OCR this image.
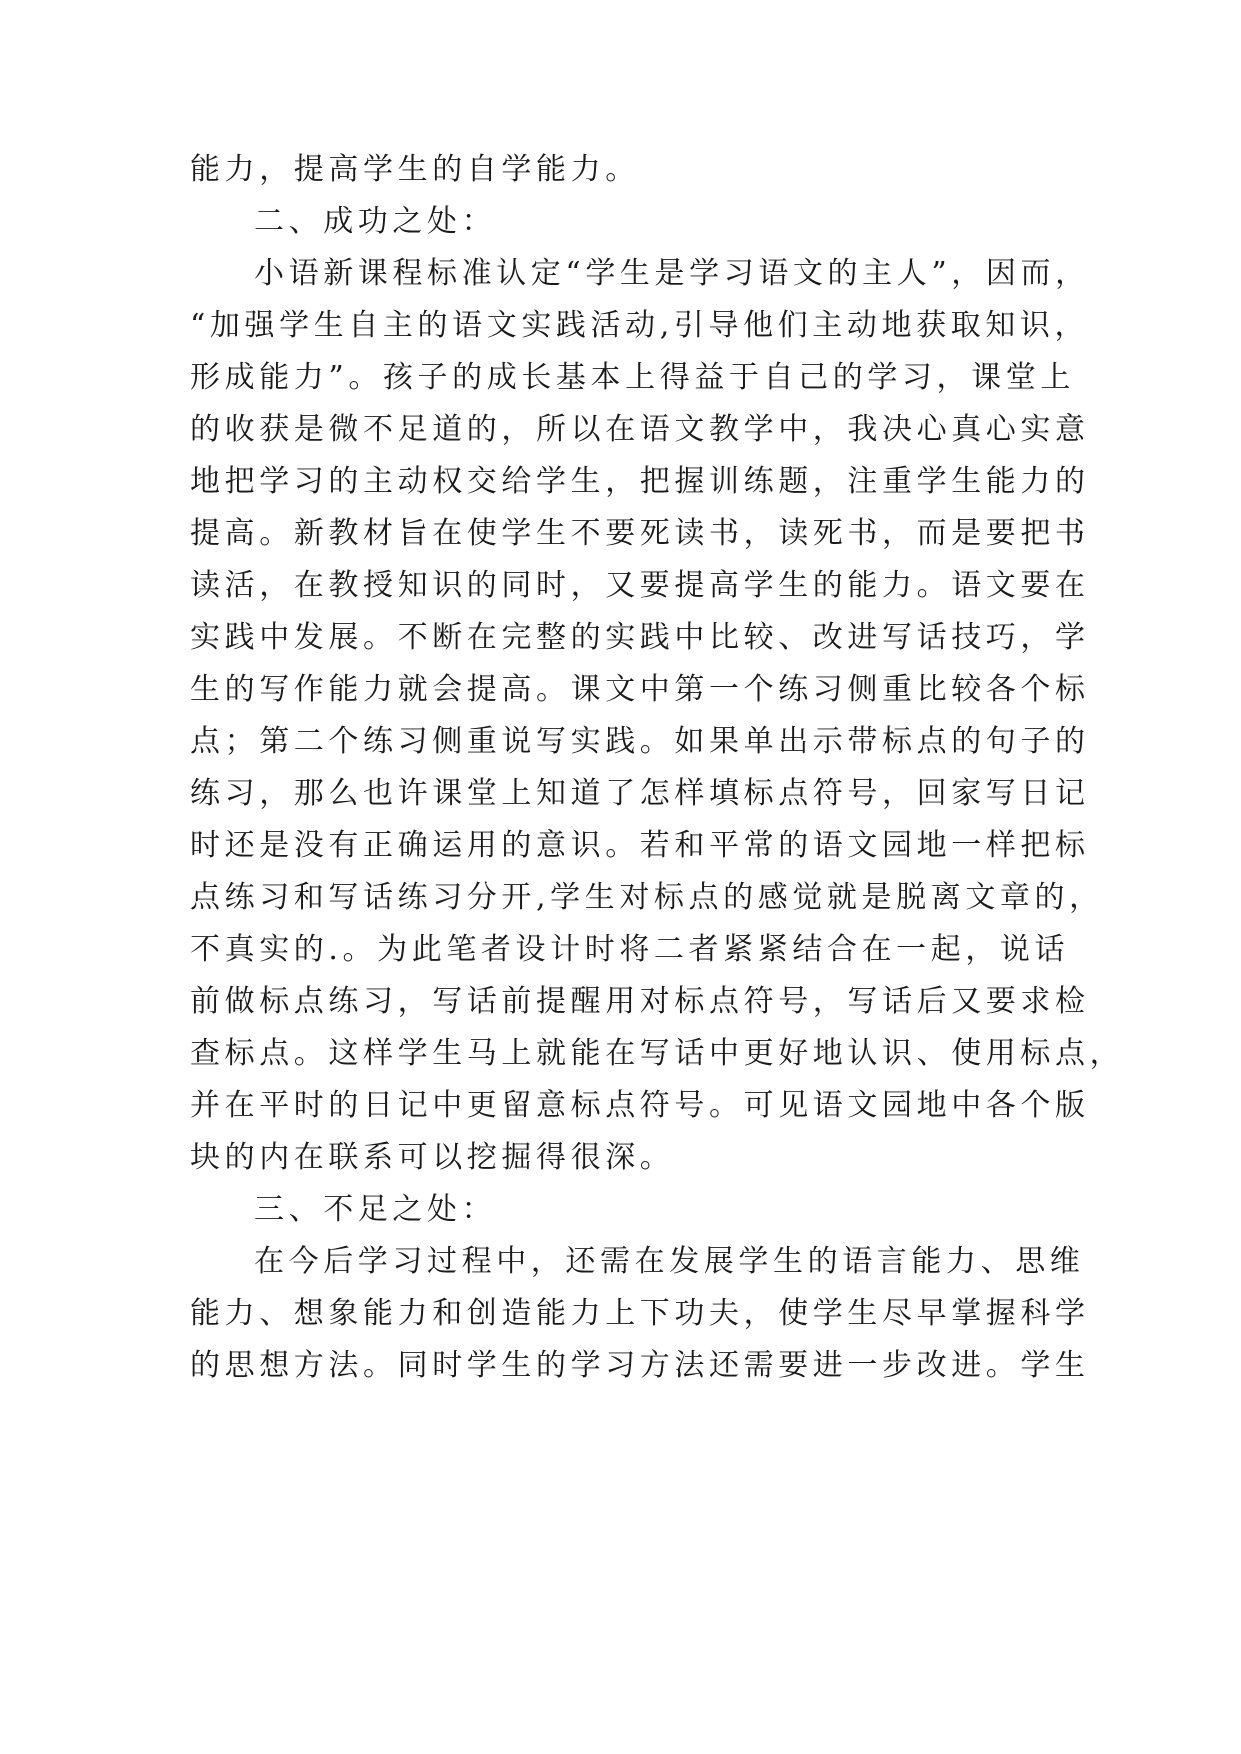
能力，提高学生的自学能力。
二、成功之处：
小语新课程标准认定“学生是学习语文的主人”，因而，
“加强学生自主的语文实践活动,引导他们主动地获取知识，
形成能力”。孩子的成长基本上得益于自己的学习，课堂上
的收获是微不足道的，所以在语文教学中，我决心真心实意
地把学习的主动权交给学生，把握训练题，注重学生能力的
提高。新教材旨在使学生不要死读书，读死书，而是要把书
读活，在教授知识的同时，又要提高学生的能力。语文要在
实践中发展。不断在完整的实践中比较、改进写话技巧，学
生的写作能力就会提高。课文中第一个练习侧重比较各个标
点；第二个练习侧重说写实践。如果单出示带标点的句子的
练习，那么也许课堂上知道了怎样填标点符号，回家写日记
时还是没有正确运用的意识。若和平常的语文园地一样把标
点练习和写话练习分开,学生对标点的感觉就是脱离文章的，
不真实的.。为此笔者设计时将二者紧紧结合在一起，说话
前做标点练习，写话前提醒用对标点符号，写话后又要求检
查标点。这样学生马上就能在写话中更好地认识、使用标点，
并在平时的日记中更留意标点符号。可见语文园地中各个版
块的内在联系可以挖掘得很深。
三、不足之处：
在今后学习过程中，还需在发展学生的语言能力、思维
能力、想象能力和创造能力上下功夫，使学生尽早掌握科学
的思想方法。同时学生的学习方法还需要进一步改进。学生
